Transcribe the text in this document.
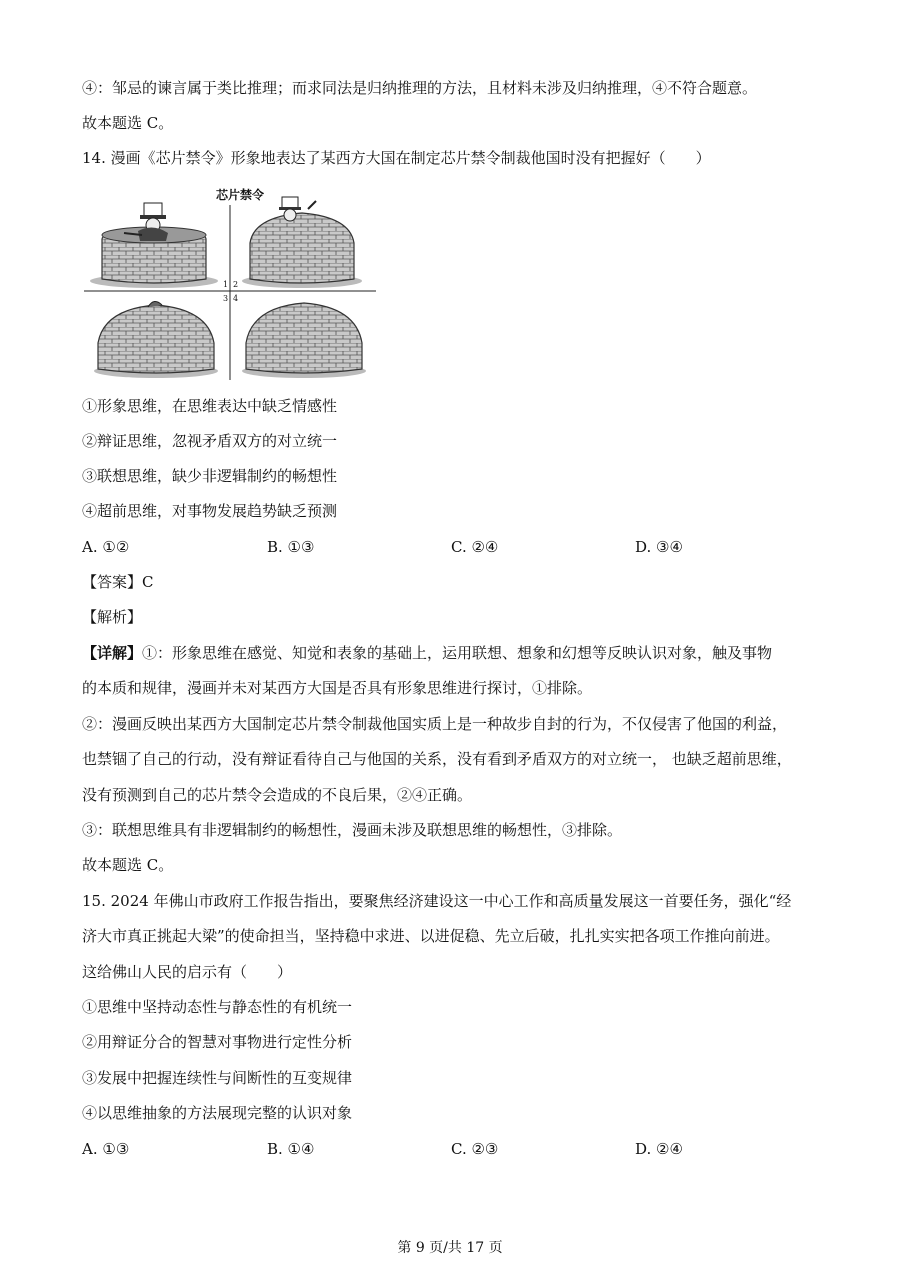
④：邹忌的谏言属于类比推理；而求同法是归纳推理的方法，且材料未涉及归纳推理，④不符合题意。
故本题选 C。
14. 漫画《芯片禁令》形象地表达了某西方大国在制定芯片禁令制裁他国时没有把握好（　　）
芯片禁令
1 2
3 4
①形象思维，在思维表达中缺乏情感性
②辩证思维，忽视矛盾双方的对立统一
③联想思维，缺少非逻辑制约的畅想性
④超前思维，对事物发展趋势缺乏预测
A. ①②	B. ①③	C. ②④	D. ③④
【答案】C
【解析】
【详解】①：形象思维在感觉、知觉和表象的基础上，运用联想、想象和幻想等反映认识对象，触及事物
的本质和规律，漫画并未对某西方大国是否具有形象思维进行探讨，①排除。
②：漫画反映出某西方大国制定芯片禁令制裁他国实质上是一种故步自封的行为，不仅侵害了他国的利益，
也禁锢了自己的行动，没有辩证看待自己与他国的关系，没有看到矛盾双方的对立统一， 也缺乏超前思维，
没有预测到自己的芯片禁令会造成的不良后果，②④正确。
③：联想思维具有非逻辑制约的畅想性，漫画未涉及联想思维的畅想性，③排除。
故本题选 C。
15. 2024 年佛山市政府工作报告指出，要聚焦经济建设这一中心工作和高质量发展这一首要任务，强化“经
济大市真正挑起大梁”的使命担当，坚持稳中求进、以进促稳、先立后破，扎扎实实把各项工作推向前进。
这给佛山人民的启示有（　　）
①思维中坚持动态性与静态性的有机统一
②用辩证分合的智慧对事物进行定性分析
③发展中把握连续性与间断性的互变规律
④以思维抽象的方法展现完整的认识对象
A. ①③	B. ①④	C. ②③	D. ②④
第 9 页/共 17 页
